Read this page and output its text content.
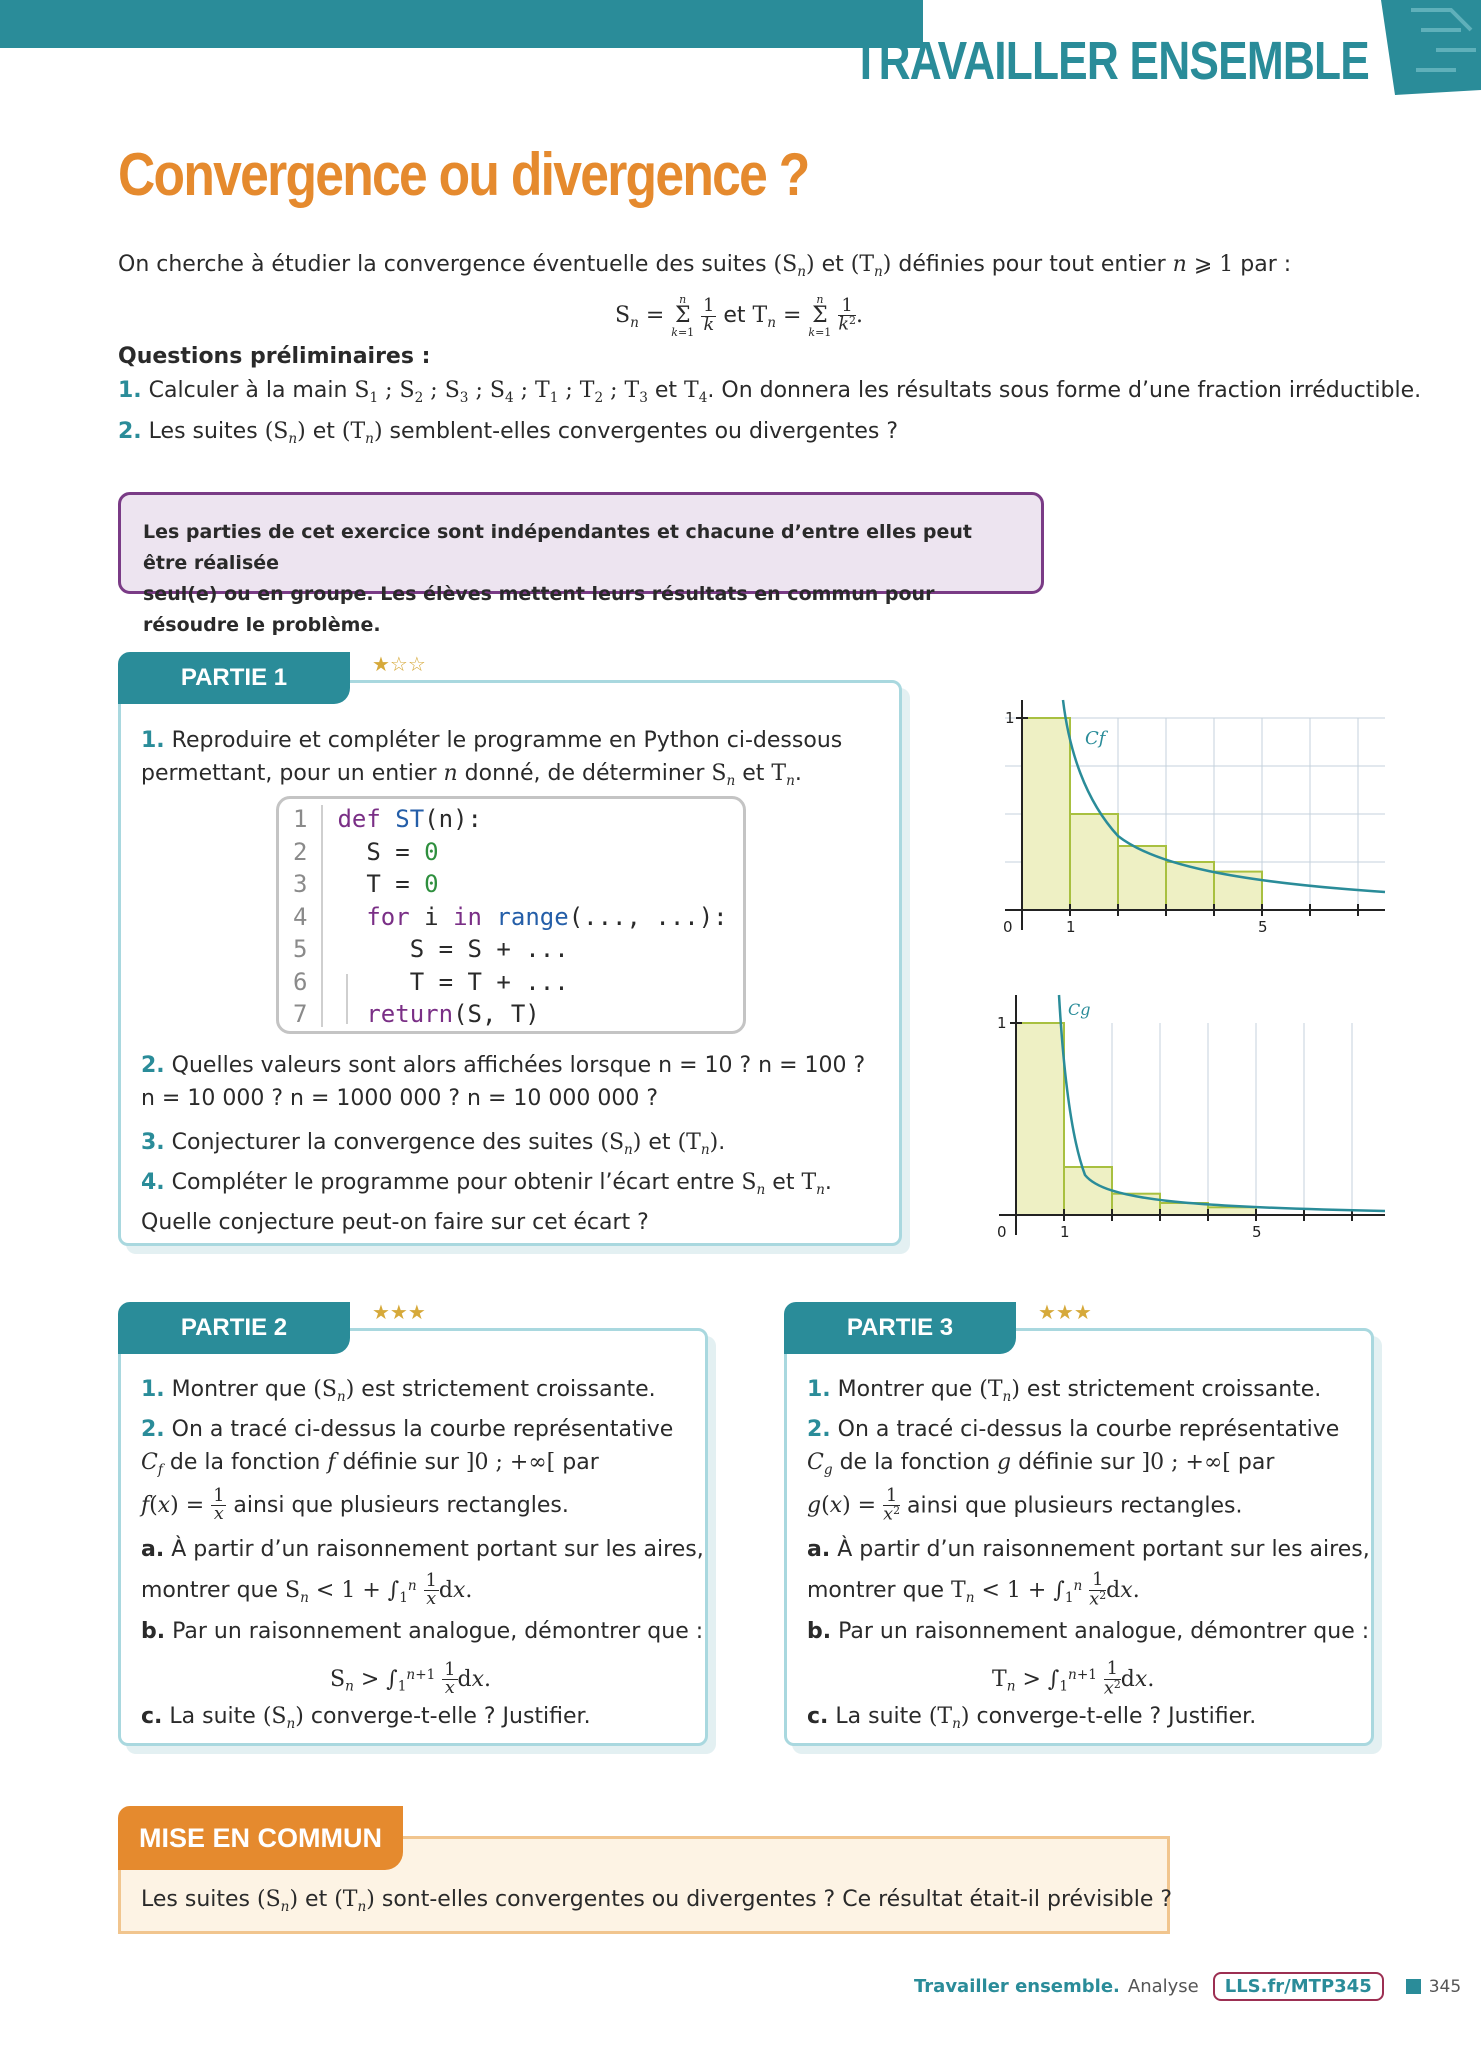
TRAVAILLER ENSEMBLE
Convergence ou divergence ?
On cherche à étudier la convergence éventuelle des suites $(S_n)$ et $(T_n)$ définies pour tout entier n ⩾ 1 par :
$S_n$ =
n
Σ
k=1
$\frac{1}{k}$ et $T_n$ =
n
Σ
k=1
$\frac{1}{k^2}$ .
Questions préliminaires :
1. Calculer à la main $S_1$ ; $S_2$ ; $S_3$ ; $S_4$ ; $T_1$ ; $T_2$ ; $T_3$ et $T_4$. On donnera les résultats sous forme d’une fraction irréductible.
2. Les suites $(S_n)$ et $(T_n)$ semblent-elles convergentes ou divergentes ?
Les parties de cet exercice sont indépendantes et chacune d’entre elles peut être réalisée
seul(e) ou en groupe. Les élèves mettent leurs résultats en commun pour résoudre le problème.
PARTIE 1	★☆☆
1. Reproduire et compléter le programme en Python ci-dessous
permettant, pour un entier n donné, de déterminer $S_n$ et $T_n$.
1 def ST(n):
2 S = 0
3 T = 0
4 for i in range(..., ...):
5	S = S + ...
6	T = T + ...
7 return(S, T)
2. Quelles valeurs sont alors affichées lorsque n = 10 ? n = 100 ?
n = 10 000 ? n = 1000 000 ? n = 10 000 000 ?
3. Conjecturer la convergence des suites $(S_n)$ et $(T_n)$.
4. Compléter le programme pour obtenir l’écart entre $S_n$ et $T_n$.
Quelle conjecture peut-on faire sur cet écart ?
Cf
0	1	5
1
Cg
0	1	5
1
PARTIE 2
★★★
1. Montrer que $(S_n)$ est strictement croissante.
2. On a tracé ci-dessus la courbe représentative
$C_f$ de la fonction f définie sur ]0 ; +∞[ par
$f(x) = \frac{1}{x}$ ainsi que plusieurs rectangles.
a. À partir d’un raisonnement portant sur les aires,
montrer que $S_n < 1 + \int_1^n \frac{1}{x}$ dx.
b. Par un raisonnement analogue, démontrer que :
$S_n > \int_1^{n+1} \frac{1}{x}$ dx.
c. La suite $(S_n)$ converge-t-elle ? Justifier.
PARTIE 3
★★★
1. Montrer que $(T_n)$ est strictement croissante.
2. On a tracé ci-dessus la courbe représentative
$C_g$ de la fonction g définie sur ]0 ; +∞[ par
$g(x) = \frac{1}{x^2}$ ainsi que plusieurs rectangles.
a. À partir d’un raisonnement portant sur les aires,
montrer que $T_n < 1 + \int_1^n \frac{1}{x^2}$ dx.
b. Par un raisonnement analogue, démontrer que :
$T_n > \int_1^{n+1} \frac{1}{x^2}$ dx.
c. La suite $(T_n)$ converge-t-elle ? Justifier.
MISE EN COMMUN
Les suites $(S_n)$ et $(T_n)$ sont-elles convergentes ou divergentes ? Ce résultat était-il prévisible ?
Travailler ensemble. Analyse	LLS.fr/MTP345	345
